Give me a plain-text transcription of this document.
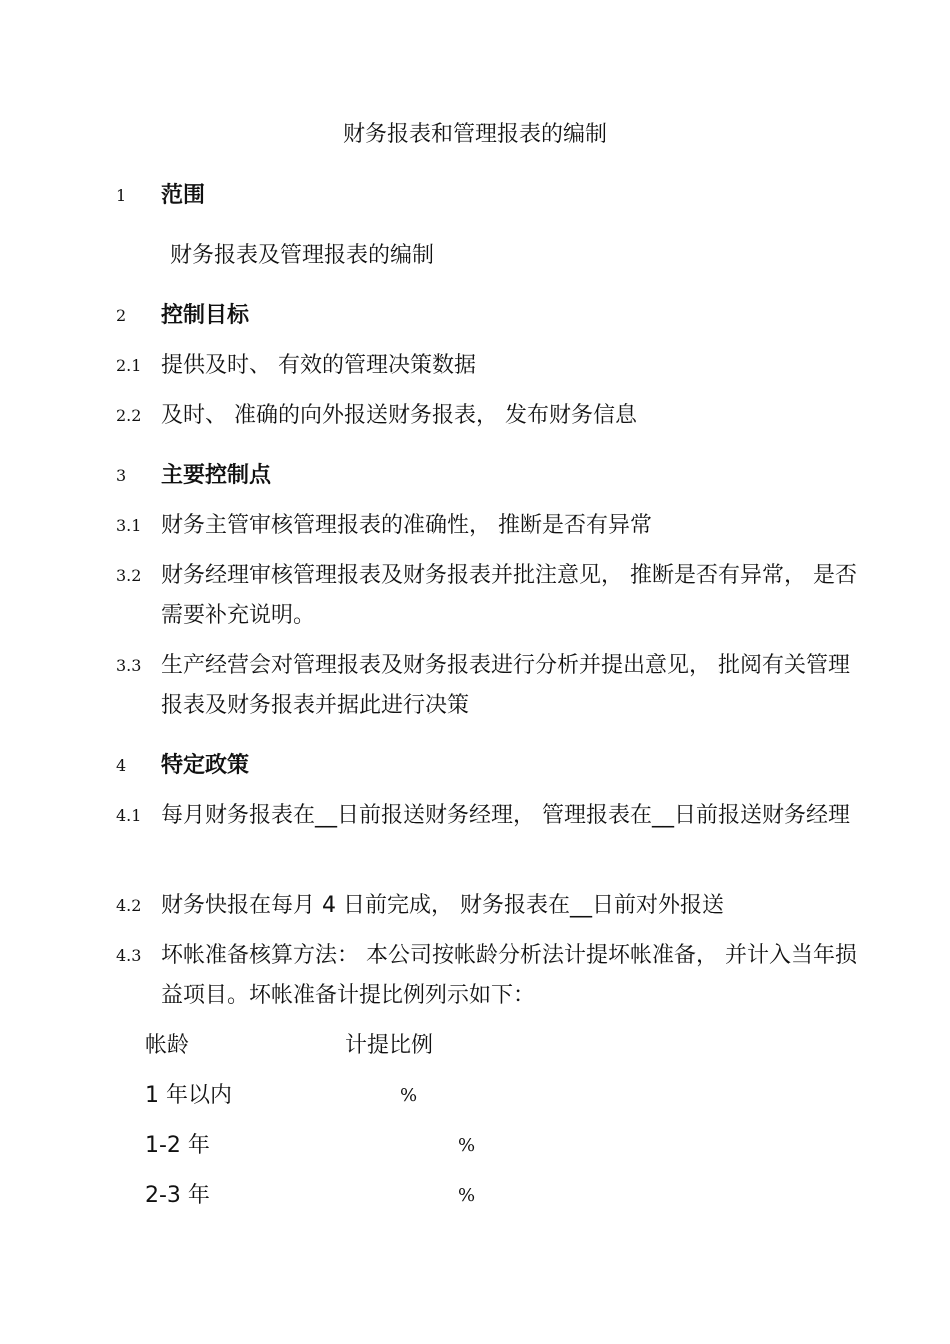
财务报表和管理报表的编制
1 范围
财务报表及管理报表的编制
2 控制目标
2.1 提供及时、 有效的管理决策数据
2.2 及时、 准确的向外报送财务报表， 发布财务信息
3 主要控制点
3.1 财务主管审核管理报表的准确性， 推断是否有异常
3.2 财务经理审核管理报表及财务报表并批注意见， 推断是否有异常， 是否需要补充说明。
3.3 生产经营会对管理报表及财务报表进行分析并提出意见， 批阅有关管理报表及财务报表并据此进行决策
4 特定政策
4.1 每月财务报表在__日前报送财务经理， 管理报表在__日前报送财务经理
4.2 财务快报在每月 4 日前完成， 财务报表在__日前对外报送
4.3 坏帐准备核算方法： 本公司按帐龄分析法计提坏帐准备， 并计入当年损益项目。坏帐准备计提比例列示如下：
帐龄	计提比例
1 年以内	%
1-2 年	%
2-3 年	%
